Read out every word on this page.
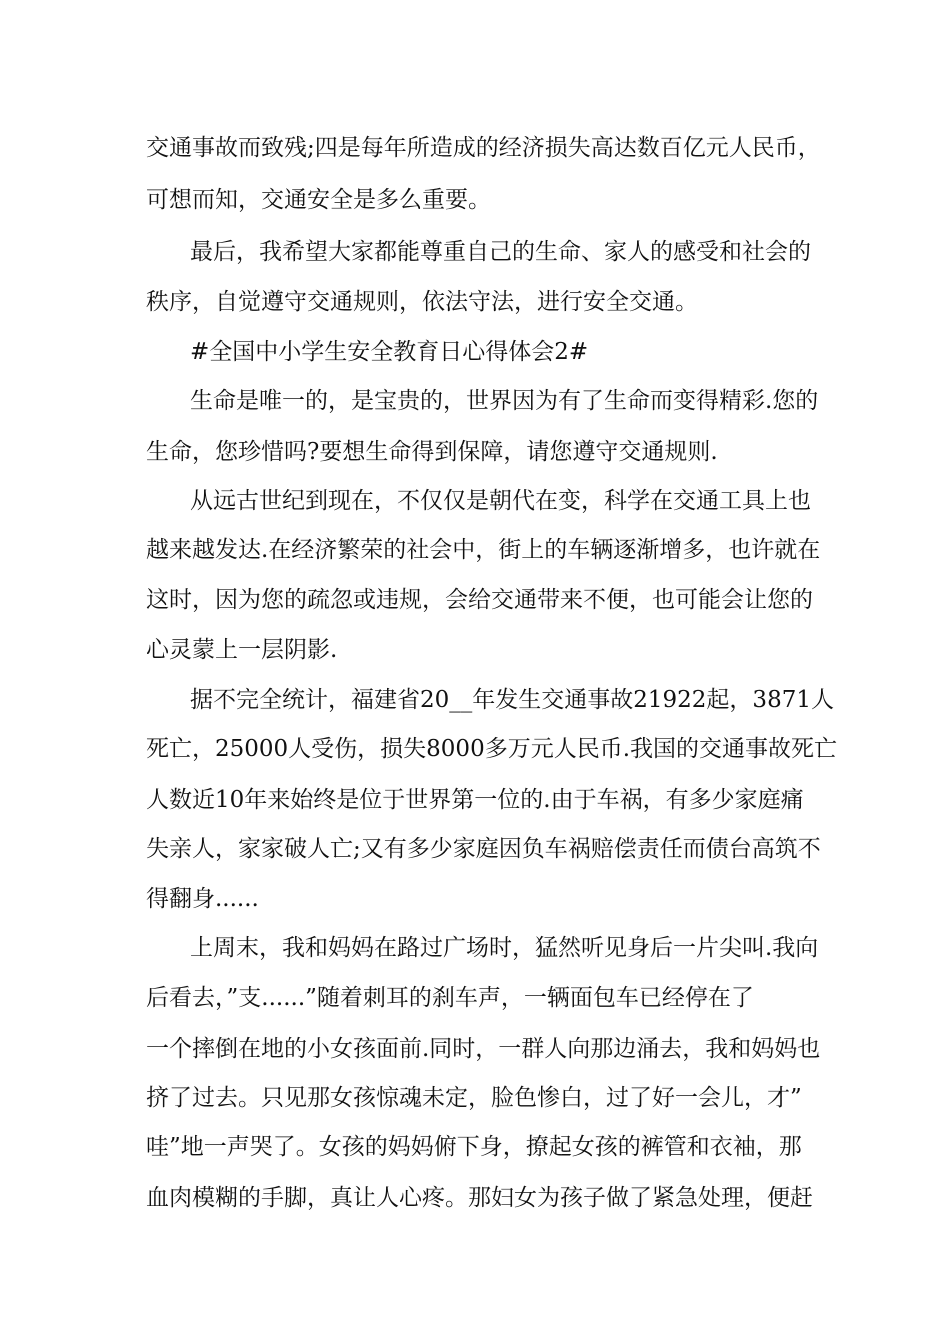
交通事故而致残;四是每年所造成的经济损失高达数百亿元人民币，
可想而知，交通安全是多么重要。
最后，我希望大家都能尊重自己的生命、家人的感受和社会的
秩序，自觉遵守交通规则，依法守法，进行安全交通。
#全国中小学生安全教育日心得体会2#
生命是唯一的，是宝贵的，世界因为有了生命而变得精彩.您的
生命，您珍惜吗?要想生命得到保障，请您遵守交通规则.
从远古世纪到现在，不仅仅是朝代在变，科学在交通工具上也
越来越发达.在经济繁荣的社会中，街上的车辆逐渐增多，也许就在
这时，因为您的疏忽或违规，会给交通带来不便，也可能会让您的
心灵蒙上一层阴影.
据不完全统计，福建省20__年发生交通事故21922起，3871人
死亡，25000人受伤，损失8000多万元人民币.我国的交通事故死亡
人数近10年来始终是位于世界第一位的.由于车祸，有多少家庭痛
失亲人，家家破人亡;又有多少家庭因负车祸赔偿责任而债台高筑不
得翻身......
上周末，我和妈妈在路过广场时，猛然听见身后一片尖叫.我向
后看去，”支......”随着刺耳的刹车声，一辆面包车已经停在了
一个摔倒在地的小女孩面前.同时，一群人向那边涌去，我和妈妈也
挤了过去。只见那女孩惊魂未定，脸色惨白，过了好一会儿，才”
哇”地一声哭了。女孩的妈妈俯下身，撩起女孩的裤管和衣袖，那
血肉模糊的手脚，真让人心疼。那妇女为孩子做了紧急处理，便赶
